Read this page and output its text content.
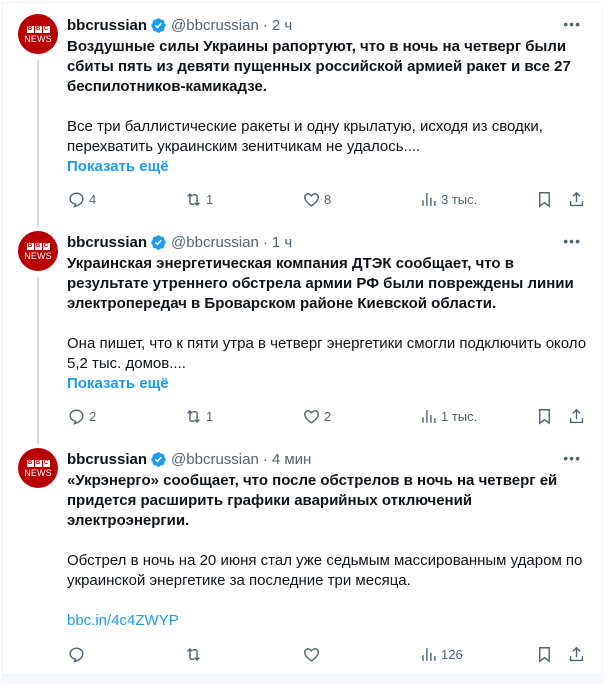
B B C
NEWS
bbcrussian @bbcrussian · 2 ч
Воздушные силы Украины рапортуют, что в ночь на четверг были сбиты пять из девяти пущенных российской армией ракет и все 27 беспилотников-камикадзе.
Все три баллистические ракеты и одну крылатую, исходя из сводки, перехватить украинским зенитчикам не удалось....
Показать ещё
•••
4	1	8	3 тыс.
B B C
NEWS
bbcrussian @bbcrussian · 1 ч
Украинская энергетическая компания ДТЭК сообщает, что в результате утреннего обстрела армии РФ были повреждены линии электропередач в Броварском районе Киевской области.
Она пишет, что к пяти утра в четверг энергетики смогли подключить около 5,2 тыс. домов....
Показать ещё
•••
2	1	2	1 тыс.
B B C
NEWS
bbcrussian @bbcrussian · 4 мин
«Укрэнерго» сообщает, что после обстрелов в ночь на четверг ей придется расширить графики аварийных отключений электроэнергии.
Обстрел в ночь на 20 июня стал уже седьмым массированным ударом по украинской энергетике за последние три месяца.
bbc.in/4c4ZWYP
•••
126
